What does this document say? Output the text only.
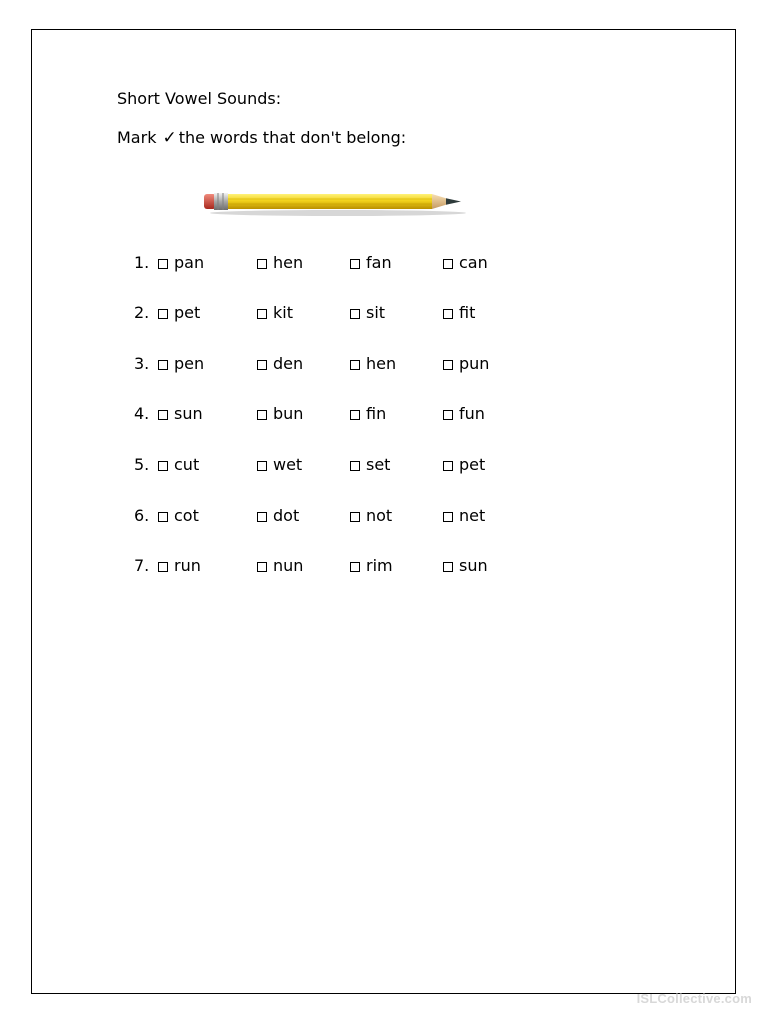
Short Vowel Sounds:
Mark ✓ the words that don't belong:
1. pan	hen	fan	can
2. pet	kit	sit	fit
3. pen	den	hen	pun
4. sun	bun	fin	fun
5. cut	wet	set	pet
6. cot	dot	not	net
7. run	nun	rim	sun
ISLCollective.com
